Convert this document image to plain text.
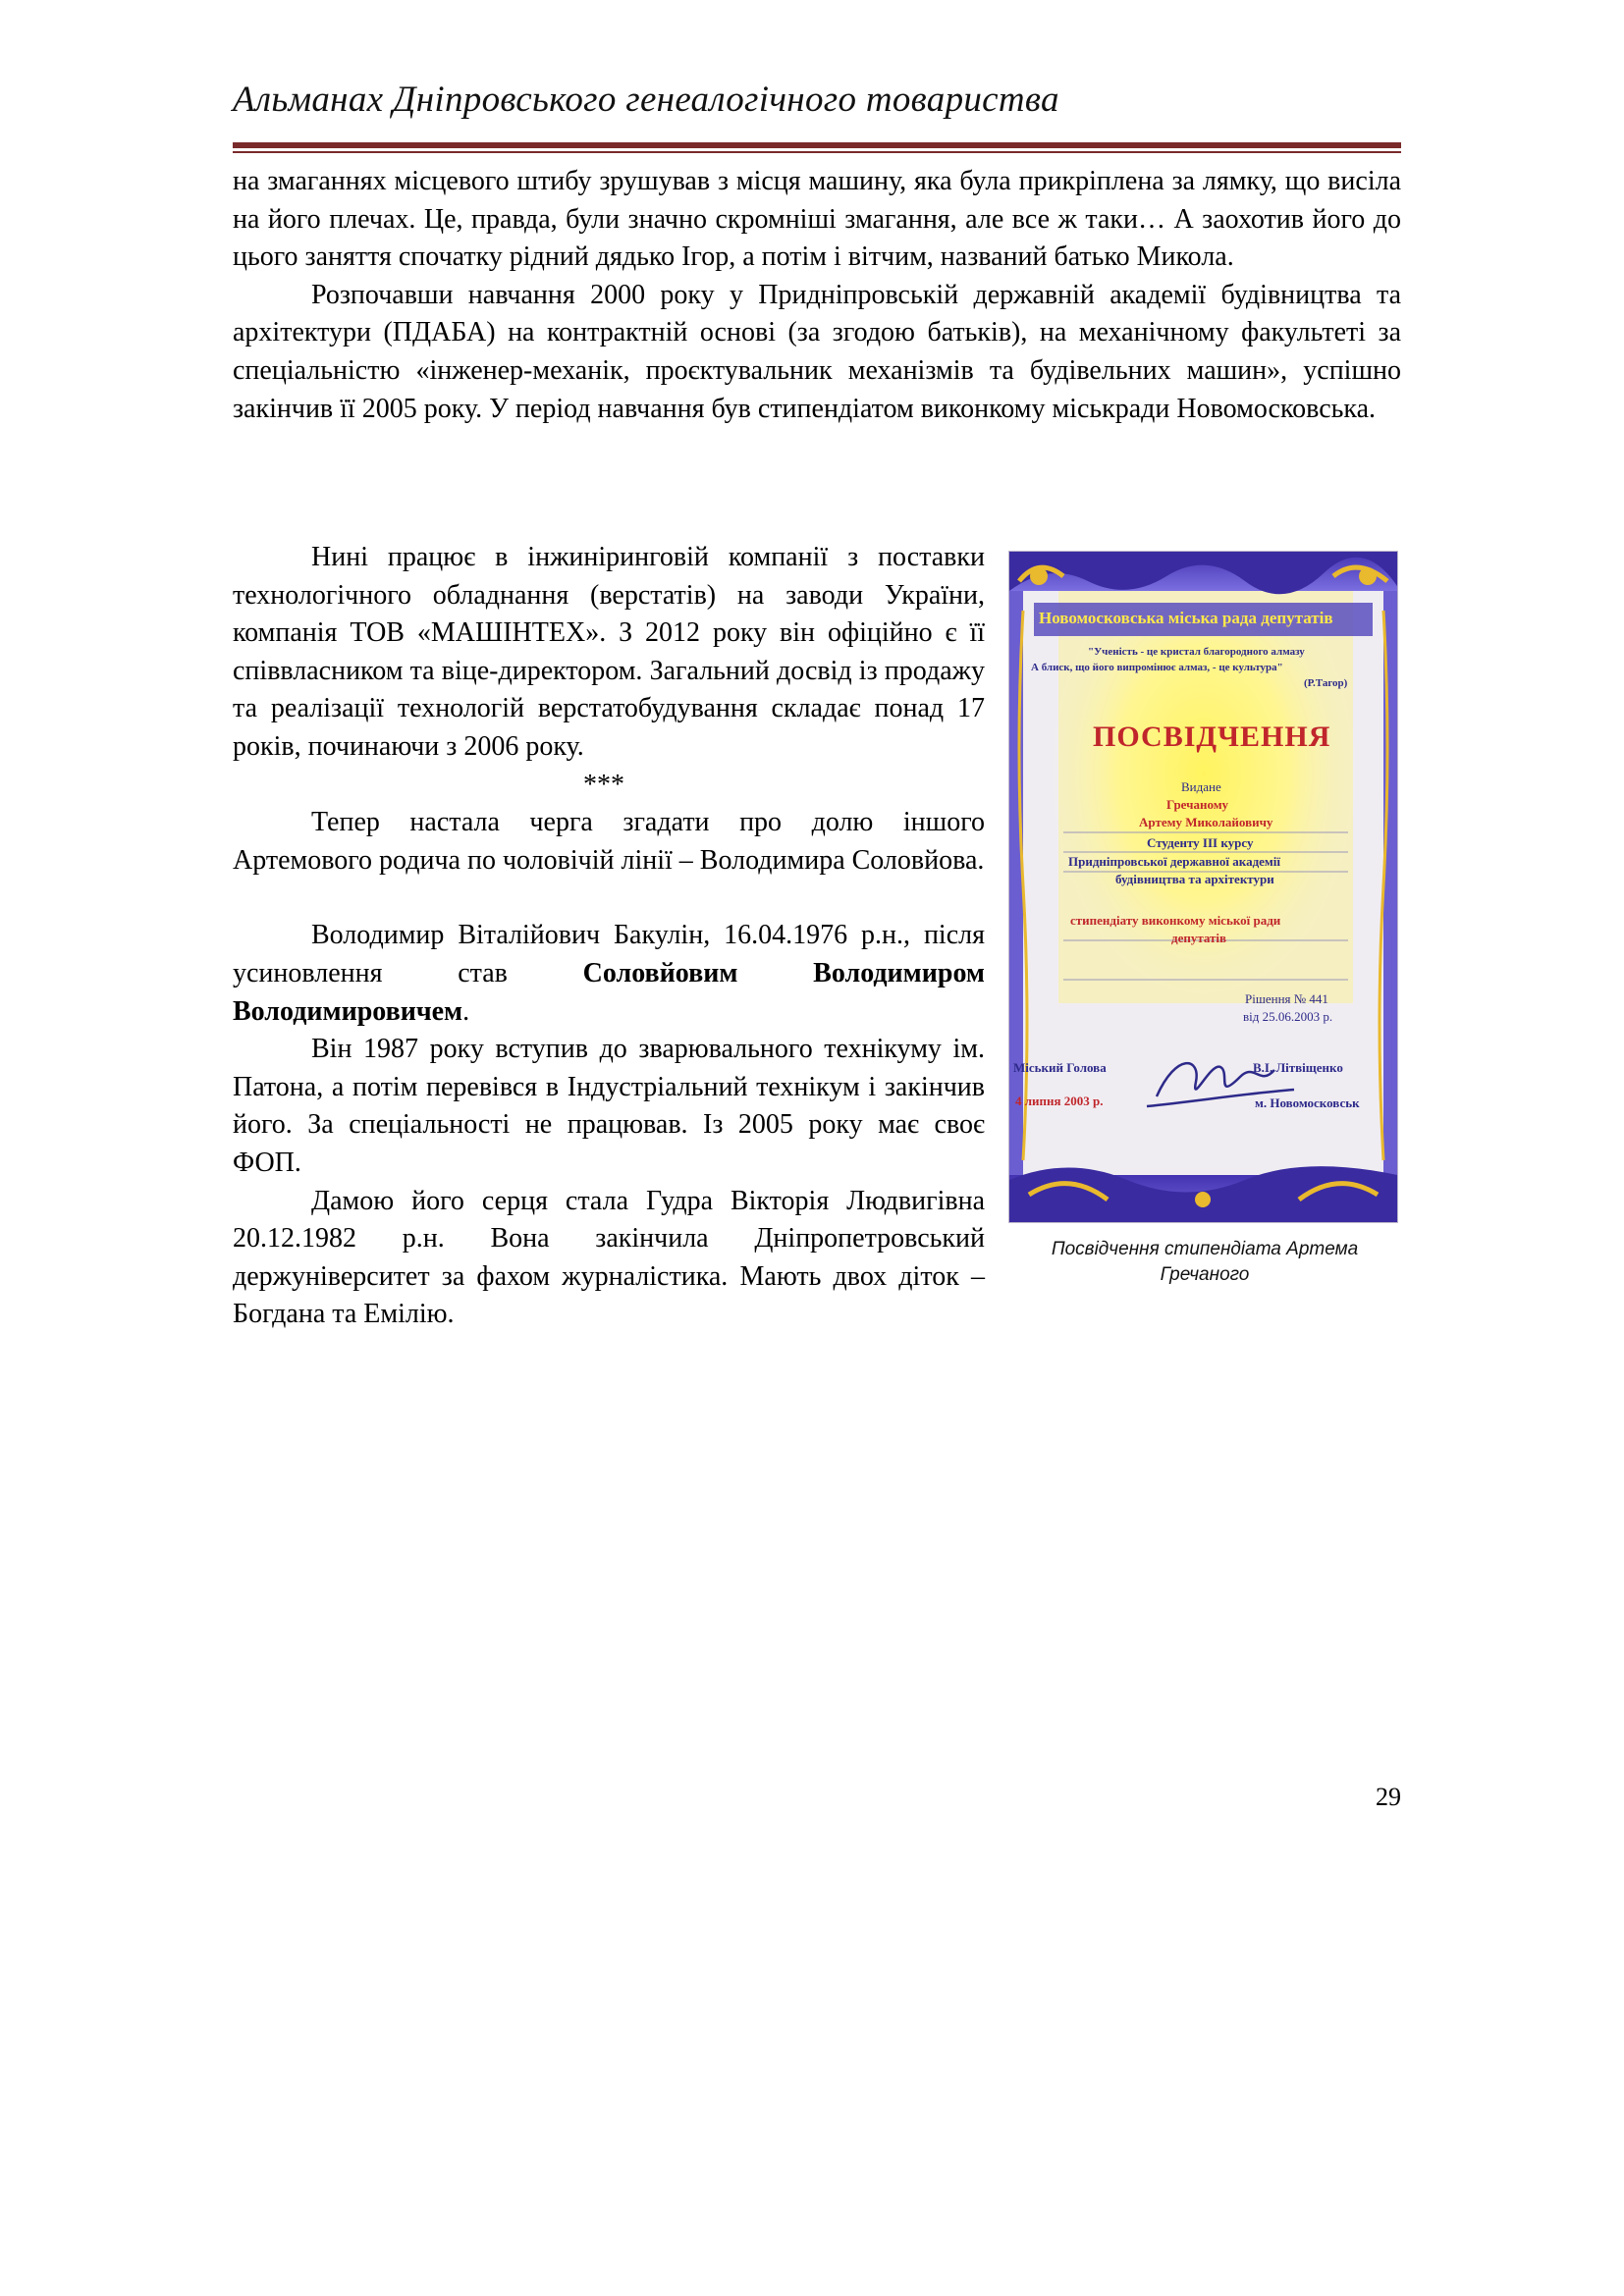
Альманах Дніпровського генеалогічного товариства

на змаганнях місцевого штибу зрушував з місця машину, яка була прикріплена за лямку, що висіла на його плечах. Це, правда, були значно скромніші змагання, але все ж таки… А заохотив його до цього заняття спочатку рідний дядько Ігор, а потім і вітчим, названий батько Микола.

Розпочавши навчання 2000 року у Придніпровській державній академії будівництва та архітектури (ПДАБА) на контрактній основі (за згодою батьків), на механічному факультеті за спеціальністю «інженер-механік, проєктувальник механізмів та будівельних машин», успішно закінчив її 2005 року. У період навчання був стипендіатом виконкому міськради Новомосковська.

Новомосковська міська рада депутатів
"Ученість - це кристал благородного алмазу
А блиск, що його випромінює алмаз, - це культура"
(Р.Тагор)
ПОСВІДЧЕННЯ
Видане
Гречаному
Артему Миколайовичу
Студенту ІІІ курсу
Придніпровської державної академії
будівництва та архітектури
стипендіату виконкому міської ради
депутатів
Рішення № 441
від 25.06.2003 р.
Міський Голова	В.І. Літвіщенко
4 липня 2003 р.	м. Новомосковськ
Посвідчення стипендіата Артема Гречаного

Нині працює в інжиніринговій компанії з поставки технологічного обладнання (верстатів) на заводи України, компанія ТОВ «МАШІНТЕХ». З 2012 року він офіційно є її співвласником та віце-директором. Загальний досвід із продажу та реалізації технологій верстатобудування складає понад 17 років, починаючи з 2006 року.

***

Тепер настала черга згадати про долю іншого Артемового родича по чоловічій лінії – Володимира Соловйова.

Володимир Віталійович Бакулін, 16.04.1976 р.н., після усиновлення став Соловйовим Володимиром Володимировичем.

Він 1987 року вступив до зварювального технікуму ім. Патона, а потім перевівся в Індустріальний технікум і закінчив його. За спеціальності не працював. Із 2005 року має своє ФОП.

Дамою його серця стала Гудра Вікторія Людвигівна 20.12.1982 р.н. Вона закінчила Дніпропетровський держуніверситет за фахом журналістика. Мають двох діток – Богдана та Емілію.

29
